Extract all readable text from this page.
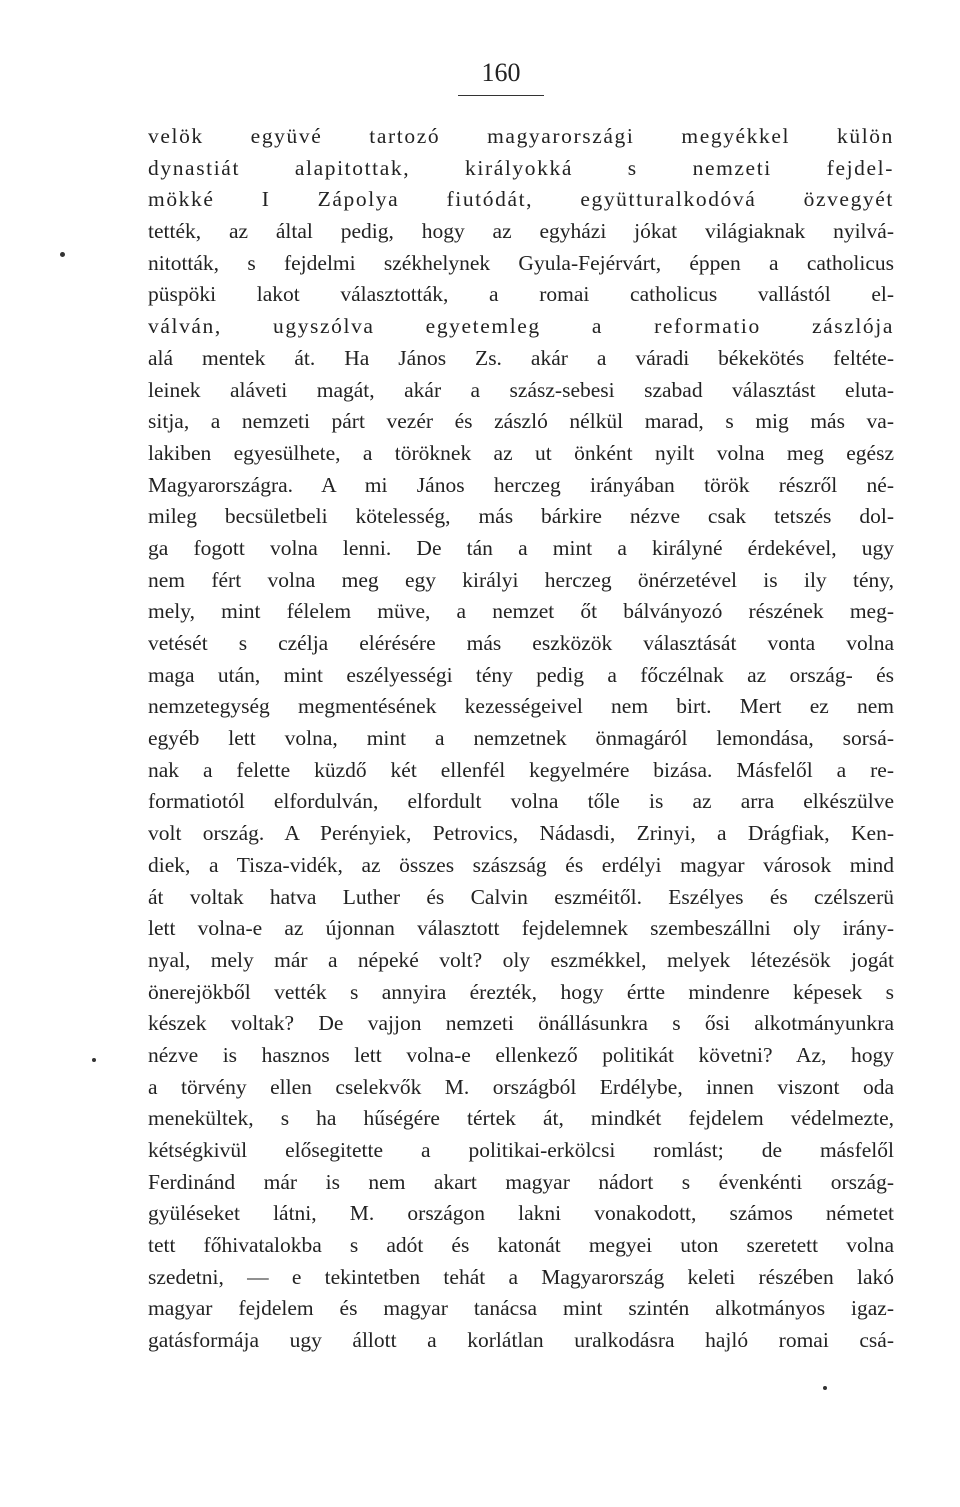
160
velök együvé tartozó magyarországi megyékkel külön
dynastiát alapitottak, királyokká s nemzeti fejdel-
mökké I Zápolya fiutódát, együtturalkodóvá özvegyét
tették, az által pedig, hogy az egyházi jókat világiaknak nyilvá-
nitották, s fejdelmi székhelynek Gyula-Fejérvárt, éppen a catholicus
püspöki lakot választották, a romai catholicus vallástól el-
válván, ugyszólva egyetemleg a reformatio zászlója
alá mentek át. Ha János Zs. akár a váradi békekötés feltéte-
leinek aláveti magát, akár a szász-sebesi szabad választást eluta-
sitja, a nemzeti párt vezér és zászló nélkül marad, s mig más va-
lakiben egyesülhete, a töröknek az ut önként nyilt volna meg egész
Magyarországra. A mi János herczeg irányában török részről né-
mileg becsületbeli kötelesség, más bárkire nézve csak tetszés dol-
ga fogott volna lenni. De tán a mint a királyné érdekével, ugy
nem fért volna meg egy királyi herczeg önérzetével is ily tény,
mely, mint félelem müve, a nemzet őt bálványozó részének meg-
vetését s czélja elérésére más eszközök választását vonta volna
maga után, mint eszélyességi tény pedig a főczélnak az ország- és
nemzetegység megmentésének kezességeivel nem birt. Mert ez nem
egyéb lett volna, mint a nemzetnek önmagáról lemondása, sorsá-
nak a felette küzdő két ellenfél kegyelmére bizása. Másfelől a re-
formatiotól elfordulván, elfordult volna tőle is az arra elkészülve
volt ország. A Perényiek, Petrovics, Nádasdi, Zrinyi, a Drágfiak, Ken-
diek, a Tisza-vidék, az összes szászság és erdélyi magyar városok mind
át voltak hatva Luther és Calvin eszméitől. Eszélyes és czélszerü
lett volna-e az újonnan választott fejdelemnek szembeszállni oly irány-
nyal, mely már a népeké volt? oly eszmékkel, melyek létezésök jogát
önerejökből vették s annyira érezték, hogy értte mindenre képesek s
készek voltak? De vajjon nemzeti önállásunkra s ősi alkotmányunkra
nézve is hasznos lett volna-e ellenkező politikát követni? Az, hogy
a törvény ellen cselekvők M. országból Erdélybe, innen viszont oda
menekültek, s ha hűségére tértek át, mindkét fejdelem védelmezte,
kétségkivül elősegitette a politikai-erkölcsi romlást; de másfelől
Ferdinánd már is nem akart magyar nádort s évenkénti ország-
gyüléseket látni, M. országon lakni vonakodott, számos németet
tett főhivatalokba s adót és katonát megyei uton szeretett volna
szedetni, — e tekintetben tehát a Magyarország keleti részében lakó
magyar fejdelem és magyar tanácsa mint szintén alkotmányos igaz-
gatásformája ugy állott a korlátlan uralkodásra hajló romai csá-
